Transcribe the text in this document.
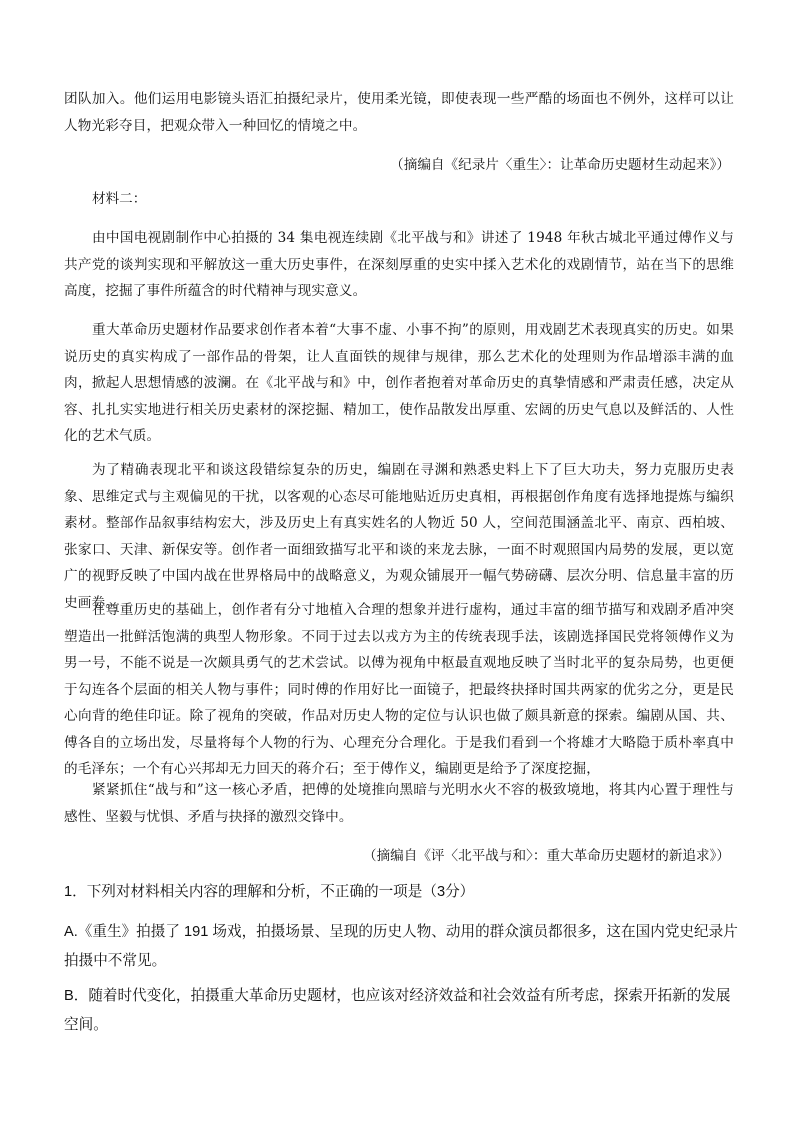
团队加入。他们运用电影镜头语汇拍摄纪录片，使用柔光镜，即使表现一些严酷的场面也不例外，这样可以让人物光彩夺目，把观众带入一种回忆的情境之中。

（摘编自《纪录片〈重生〉：让革命历史题材生动起来》）

材料二：

由中国电视剧制作中心拍摄的 34 集电视连续剧《北平战与和》讲述了 1948 年秋古城北平通过傅作义与共产党的谈判实现和平解放这一重大历史事件，在深刻厚重的史实中揉入艺术化的戏剧情节，站在当下的思维高度，挖掘了事件所蕴含的时代精神与现实意义。

重大革命历史题材作品要求创作者本着“大事不虚、小事不拘”的原则，用戏剧艺术表现真实的历史。如果说历史的真实构成了一部作品的骨架，让人直面铁的规律与规律，那么艺术化的处理则为作品增添丰满的血肉，掀起人思想情感的波澜。在《北平战与和》中，创作者抱着对革命历史的真挚情感和严肃责任感，决定从容、扎扎实实地进行相关历史素材的深挖掘、精加工，使作品散发出厚重、宏阔的历史气息以及鲜活的、人性化的艺术气质。

为了精确表现北平和谈这段错综复杂的历史，编剧在寻渊和熟悉史料上下了巨大功夫，努力克服历史表象、思维定式与主观偏见的干扰，以客观的心态尽可能地贴近历史真相，再根据创作角度有选择地提炼与编织素材。整部作品叙事结构宏大，涉及历史上有真实姓名的人物近 50 人，空间范围涵盖北平、南京、西柏坡、张家口、天津、新保安等。创作者一面细致描写北平和谈的来龙去脉，一面不时观照国内局势的发展，更以宽广的视野反映了中国内战在世界格局中的战略意义，为观众铺展开一幅气势磅礴、层次分明、信息量丰富的历史画卷。

在尊重历史的基础上，创作者有分寸地植入合理的想象并进行虚构，通过丰富的细节描写和戏剧矛盾冲突塑造出一批鲜活饱满的典型人物形象。不同于过去以戎方为主的传统表现手法，该剧选择国民党将领傅作义为男一号，不能不说是一次颇具勇气的艺术尝试。以傅为视角中枢最直观地反映了当时北平的复杂局势，也更便于勾连各个层面的相关人物与事件；同时傅的作用好比一面镜子，把最终抉择时国共两家的优劣之分，更是民心向背的绝佳印证。除了视角的突破，作品对历史人物的定位与认识也做了颇具新意的探索。编剧从国、共、傅各自的立场出发，尽量将每个人物的行为、心理充分合理化。于是我们看到一个将雄才大略隐于质朴率真中的毛泽东；一个有心兴邦却无力回天的蒋介石；至于傅作义，编剧更是给予了深度挖掘，

紧紧抓住“战与和”这一核心矛盾，把傅的处境推向黑暗与光明水火不容的极致境地，将其内心置于理性与感性、坚毅与忧惧、矛盾与抉择的激烈交锋中。

（摘编自《评〈北平战与和〉：重大革命历史题材的新追求》）

1．下列对材料相关内容的理解和分析，不正确的一项是（3分）

A.《重生》拍摄了 191 场戏，拍摄场景、呈现的历史人物、动用的群众演员都很多，这在国内党史纪录片拍摄中不常见。

B．随着时代变化，拍摄重大革命历史题材，也应该对经济效益和社会效益有所考虑，探索开拓新的发展空间。
